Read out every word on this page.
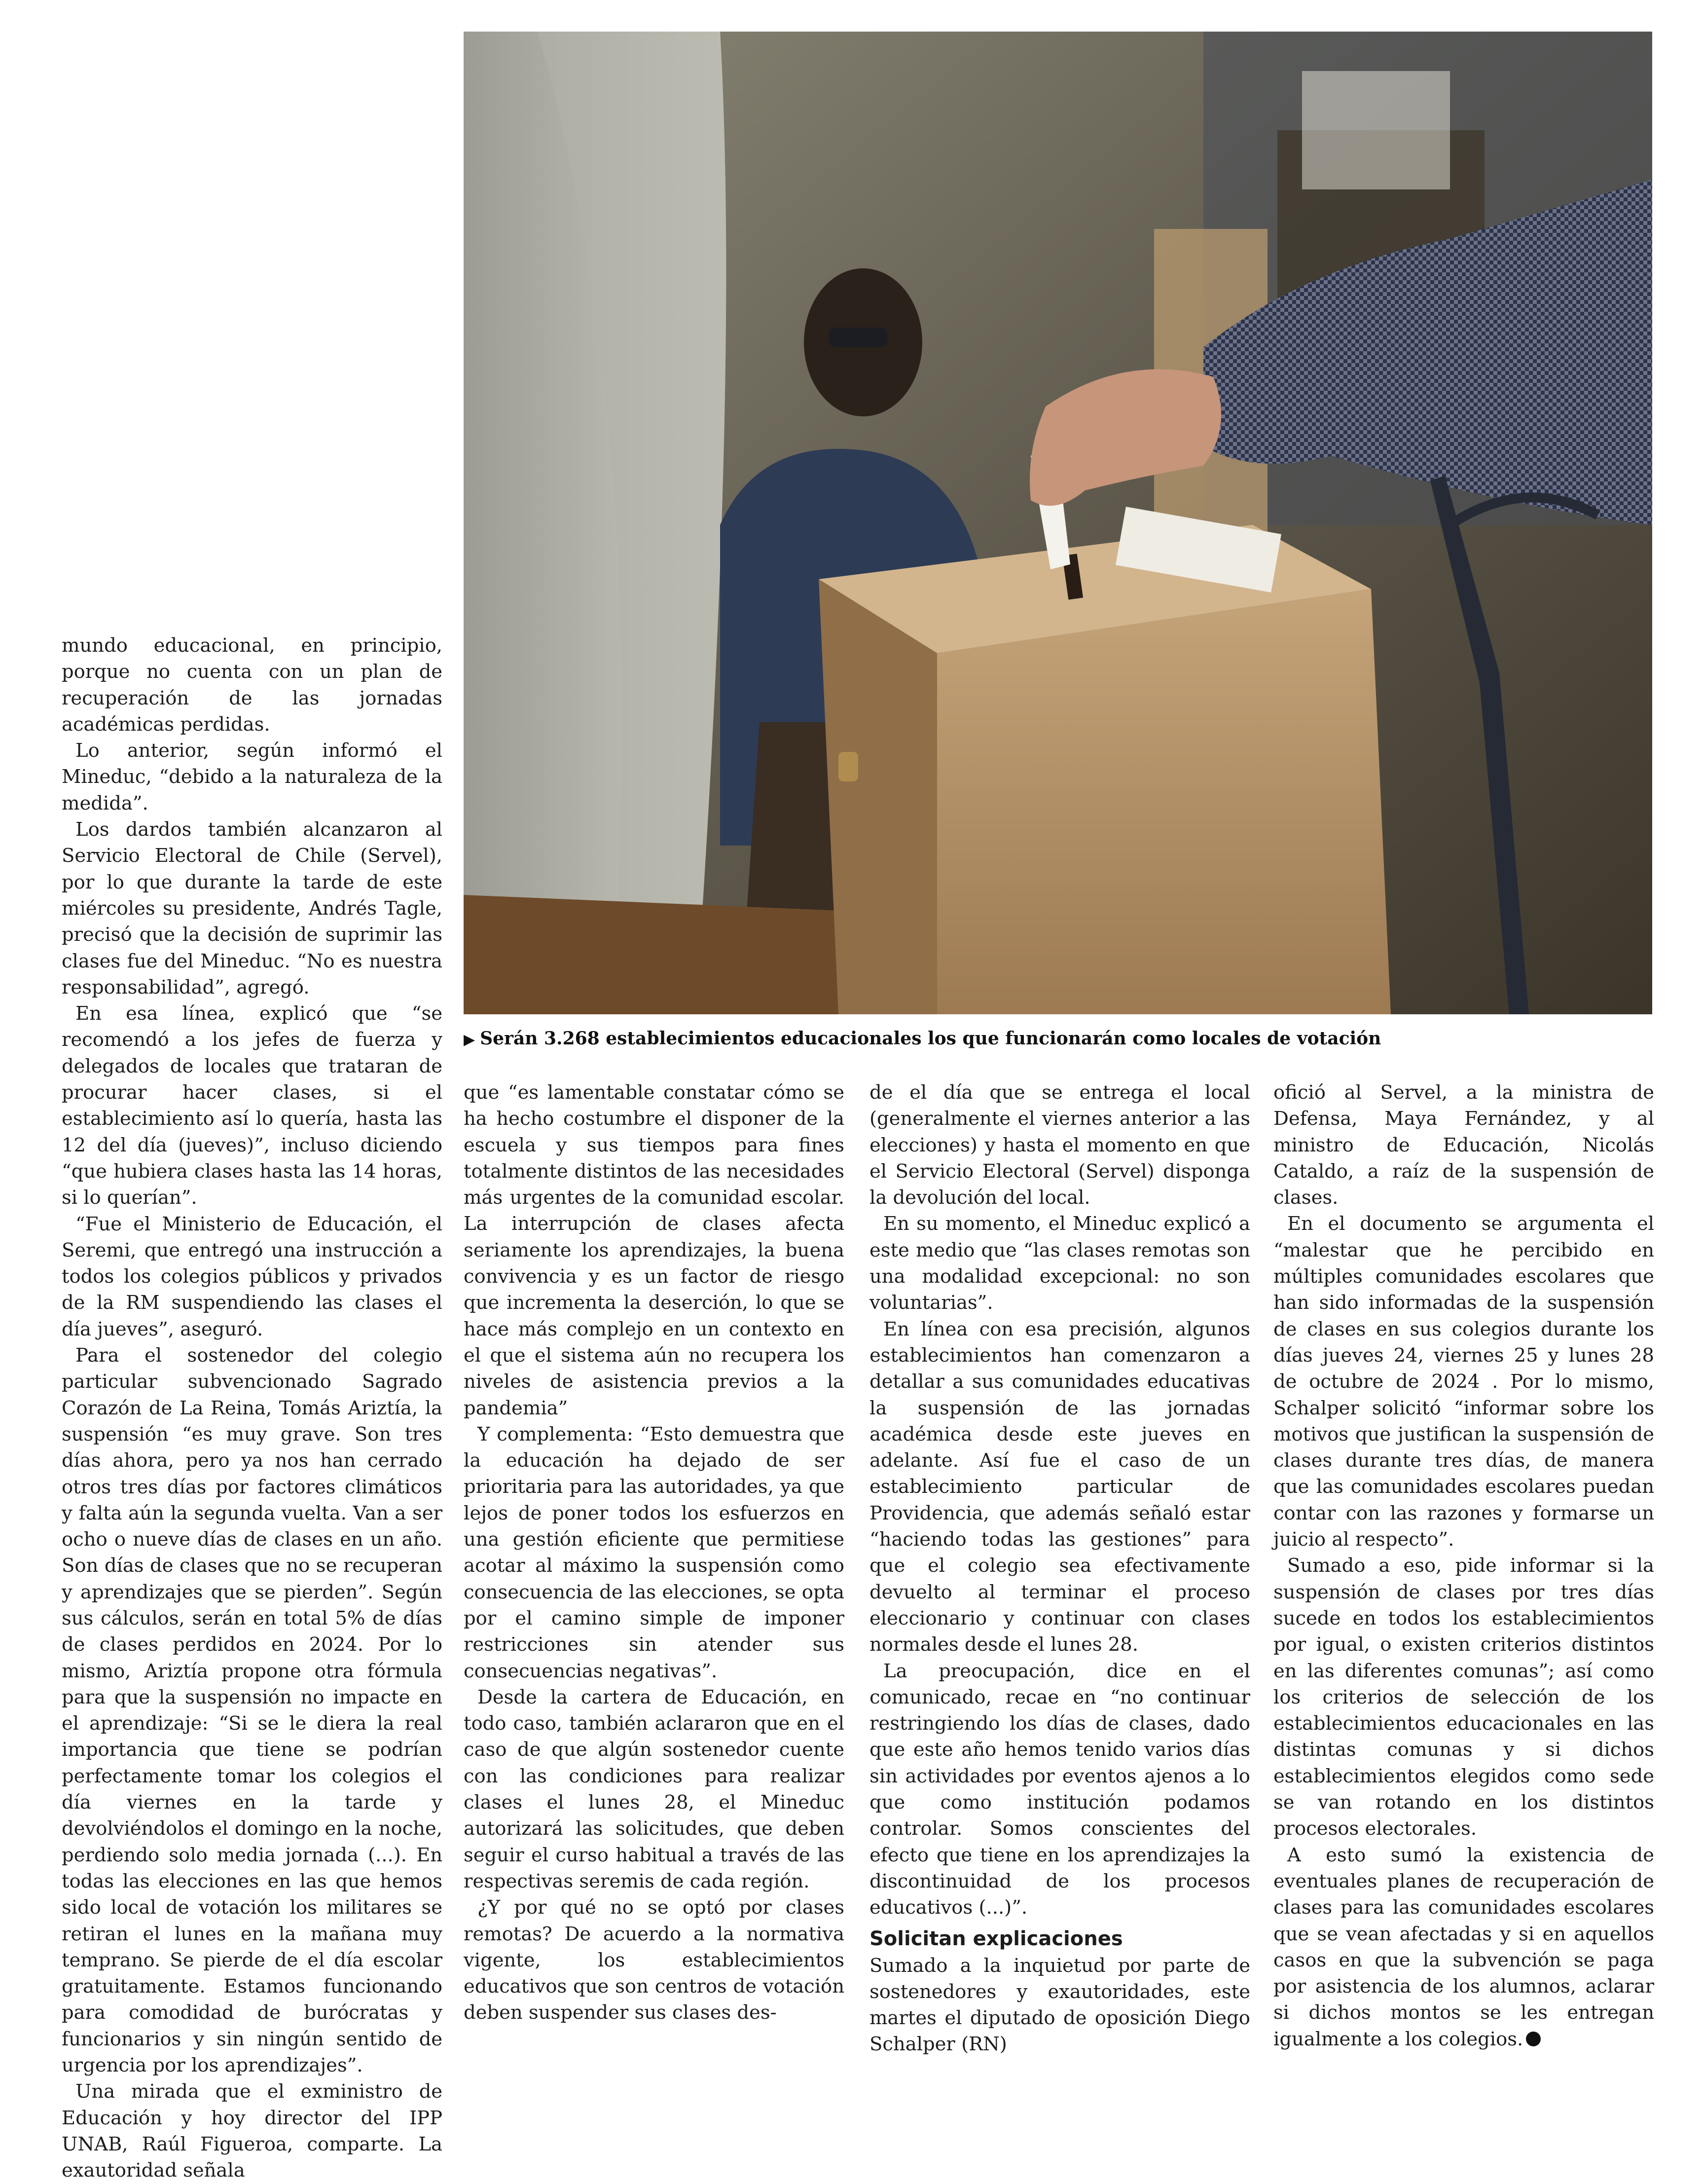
▶ Serán 3.268 establecimientos educacionales los que funcionarán como locales de votación

mundo educacional, en principio, porque no cuenta con un plan de recuperación de las jornadas académicas perdidas.

Lo anterior, según informó el Mineduc, “debido a la naturaleza de la medida”.

Los dardos también alcanzaron al Servicio Electoral de Chile (Servel), por lo que durante la tarde de este miércoles su presidente, Andrés Tagle, precisó que la decisión de suprimir las clases fue del Mineduc. “No es nuestra responsabilidad”, agregó.

En esa línea, explicó que “se recomendó a los jefes de fuerza y delegados de locales que trataran de procurar hacer clases, si el establecimiento así lo quería, hasta las 12 del día (jueves)”, incluso diciendo “que hubiera clases hasta las 14 horas, si lo querían”.

“Fue el Ministerio de Educación, el Seremi, que entregó una instrucción a todos los colegios públicos y privados de la RM suspendiendo las clases el día jueves”, aseguró.

Para el sostenedor del colegio particular subvencionado Sagrado Corazón de La Reina, Tomás Ariztía, la suspensión “es muy grave. Son tres días ahora, pero ya nos han cerrado otros tres días por factores climáticos y falta aún la segunda vuelta. Van a ser ocho o nueve días de clases en un año. Son días de clases que no se recuperan y aprendizajes que se pierden”. Según sus cálculos, serán en total 5% de días de clases perdidos en 2024. Por lo mismo, Ariztía propone otra fórmula para que la suspensión no impacte en el aprendizaje: “Si se le diera la real importancia que tiene se podrían perfectamente tomar los colegios el día viernes en la tarde y devolviéndolos el domingo en la noche, perdiendo solo media jornada (...). En todas las elecciones en las que hemos sido local de votación los militares se retiran el lunes en la mañana muy temprano. Se pierde de el día escolar gratuitamente. Estamos funcionando para comodidad de burócratas y funcionarios y sin ningún sentido de urgencia por los aprendizajes”.

Una mirada que el exministro de Educación y hoy director del IPP UNAB, Raúl Figueroa, comparte. La exautoridad señala

que “es lamentable constatar cómo se ha hecho costumbre el disponer de la escuela y sus tiempos para fines totalmente distintos de las necesidades más urgentes de la comunidad escolar. La interrupción de clases afecta seriamente los aprendizajes, la buena convivencia y es un factor de riesgo que incrementa la deserción, lo que se hace más complejo en un contexto en el que el sistema aún no recupera los niveles de asistencia previos a la pandemia”

Y complementa: “Esto demuestra que la educación ha dejado de ser prioritaria para las autoridades, ya que lejos de poner todos los esfuerzos en una gestión eficiente que permitiese acotar al máximo la suspensión como consecuencia de las elecciones, se opta por el camino simple de imponer restricciones sin atender sus consecuencias negativas”.

Desde la cartera de Educación, en todo caso, también aclararon que en el caso de que algún sostenedor cuente con las condiciones para realizar clases el lunes 28, el Mineduc autorizará las solicitudes, que deben seguir el curso habitual a través de las respectivas seremis de cada región.

¿Y por qué no se optó por clases remotas? De acuerdo a la normativa vigente, los establecimientos educativos que son centros de votación deben suspender sus clases des-

de el día que se entrega el local (generalmente el viernes anterior a las elecciones) y hasta el momento en que el Servicio Electoral (Servel) disponga la devolución del local.

En su momento, el Mineduc explicó a este medio que “las clases remotas son una modalidad excepcional: no son voluntarias”.

En línea con esa precisión, algunos establecimientos han comenzaron a detallar a sus comunidades educativas la suspensión de las jornadas académica desde este jueves en adelante. Así fue el caso de un establecimiento particular de Providencia, que además señaló estar “haciendo todas las gestiones” para que el colegio sea efectivamente devuelto al terminar el proceso eleccionario y continuar con clases normales desde el lunes 28.

La preocupación, dice en el comunicado, recae en “no continuar restringiendo los días de clases, dado que este año hemos tenido varios días sin actividades por eventos ajenos a lo que como institución podamos controlar. Somos conscientes del efecto que tiene en los aprendizajes la discontinuidad de los procesos educativos (...)”.

Solicitan explicaciones

Sumado a la inquietud por parte de sostenedores y exautoridades, este martes el diputado de oposición Diego Schalper (RN)

ofició al Servel, a la ministra de Defensa, Maya Fernández, y al ministro de Educación, Nicolás Cataldo, a raíz de la suspensión de clases.

En el documento se argumenta el “malestar que he percibido en múltiples comunidades escolares que han sido informadas de la suspensión de clases en sus colegios durante los días jueves 24, viernes 25 y lunes 28 de octubre de 2024 . Por lo mismo, Schalper solicitó “informar sobre los motivos que justifican la suspensión de clases durante tres días, de manera que las comunidades escolares puedan contar con las razones y formarse un juicio al respecto”.

Sumado a eso, pide informar si la suspensión de clases por tres días sucede en todos los establecimientos por igual, o existen criterios distintos en las diferentes comunas”; así como los criterios de selección de los establecimientos educacionales en las distintas comunas y si dichos establecimientos elegidos como sede se van rotando en los distintos procesos electorales.

A esto sumó la existencia de eventuales planes de recuperación de clases para las comunidades escolares que se vean afectadas y si en aquellos casos en que la subvención se paga por asistencia de los alumnos, aclarar si dichos montos se les entregan igualmente a los colegios.
